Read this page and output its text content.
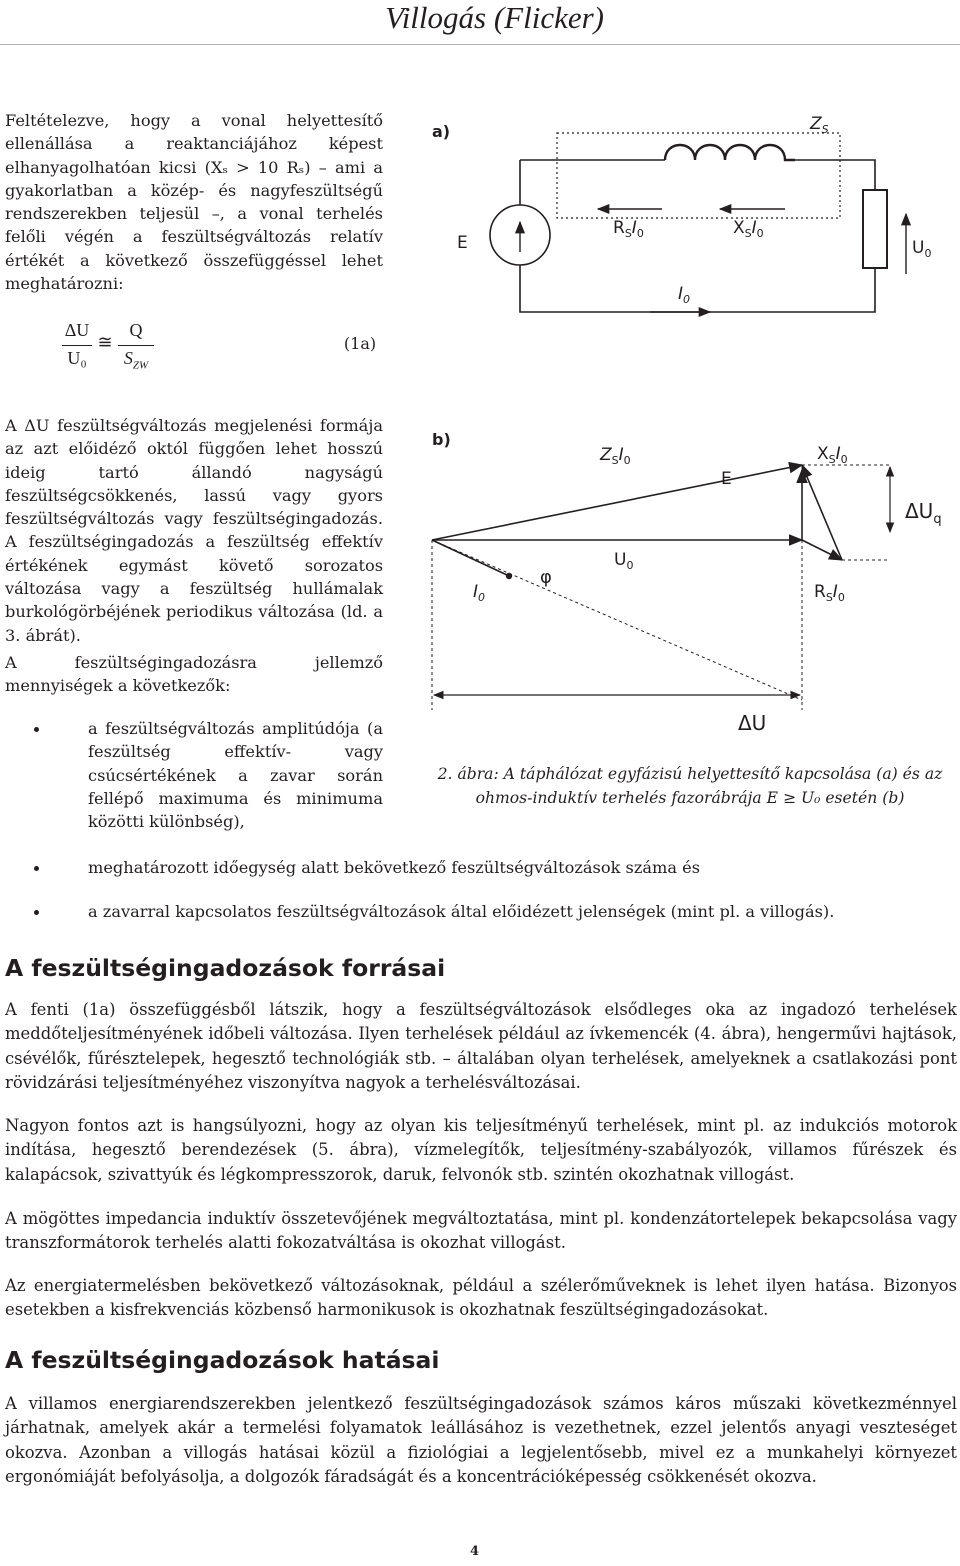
Villogás (Flicker)

Feltételezve, hogy a vonal helyettesítő ellenállása a reaktanciájához képest elhanyagolhatóan kicsi (Xₛ > 10 Rₛ) – ami a gyakorlatban a közép- és nagyfeszültségű rendszerekben teljesül –, a vonal terhelés felőli végén a feszültségváltozás relatív értékét a következő összefüggéssel lehet meghatározni:

ΔU
U₀
≅
Q
$S_{ZW}$
(1a)

A ΔU feszültségváltozás megjelenési formája az azt előidéző októl függően lehet hosszú ideig tartó állandó nagyságú feszültségcsökkenés, lassú vagy gyors feszültségváltozás vagy feszültségingadozás. A feszültségingadozás a feszültség effektív értékének egymást követő sorozatos változása vagy a feszültség hullámalak burkológörbéjének periodikus változása (ld. a 3. ábrát).

A feszültségingadozásra jellemző mennyiségek a következők:

a feszültségváltozás amplitúdója (a feszültség effektív- vagy csúcsértékének a zavar során fellépő maximuma és minimuma közötti különbség),

meghatározott időegység alatt bekövetkező feszültségváltozások száma és

a zavarral kapcsolatos feszültségváltozások által előidézett jelenségek (mint pl. a villogás).

a)	$Z_S$
E
$R_SI_0$	$X_SI_0$
$U_0$
$I_0$
b)
$Z_SI_0$
E
$X_SI_0$
$U_0$
φ
$I_0$	$R_SI_0$
$\Delta U_q$
ΔU
2. ábra: A táphálózat egyfázisú helyettesítő kapcsolása (a) és az
ohmos-induktív terhelés fazorábrája E ≥ U₀ esetén (b)
A feszültségingadozások forrásai

A fenti (1a) összefüggésből látszik, hogy a feszültségváltozások elsődleges oka az ingadozó terhelések meddőteljesítményének időbeli változása. Ilyen terhelések például az ívkemencék (4. ábra), hengerművi hajtások, csévélők, fűrésztelepek, hegesztő technológiák stb. – általában olyan terhelések, amelyeknek a csatlakozási pont rövidzárási teljesítményéhez viszonyítva nagyok a terhelésváltozásai.

Nagyon fontos azt is hangsúlyozni, hogy az olyan kis teljesítményű terhelések, mint pl. az indukciós motorok indítása, hegesztő berendezések (5. ábra), vízmelegítők, teljesítmény-szabályozók, villamos fűrészek és kalapácsok, szivattyúk és légkompresszorok, daruk, felvonók stb. szintén okozhatnak villogást.

A mögöttes impedancia induktív összetevőjének megváltoztatása, mint pl. kondenzátortelepek bekapcsolása vagy transzformátorok terhelés alatti fokozatváltása is okozhat villogást.

Az energiatermelésben bekövetkező változásoknak, például a szélerőműveknek is lehet ilyen hatása. Bizonyos esetekben a kisfrekvenciás közbenső harmonikusok is okozhatnak feszültségingadozásokat.

A feszültségingadozások hatásai

A villamos energiarendszerekben jelentkező feszültségingadozások számos káros műszaki következménnyel járhatnak, amelyek akár a termelési folyamatok leállásához is vezethetnek, ezzel jelentős anyagi veszteséget okozva. Azonban a villogás hatásai közül a fiziológiai a legjelentősebb, mivel ez a munkahelyi környezet ergonómiáját befolyásolja, a dolgozók fáradságát és a koncentrációképesség csökkenését okozva.

4
